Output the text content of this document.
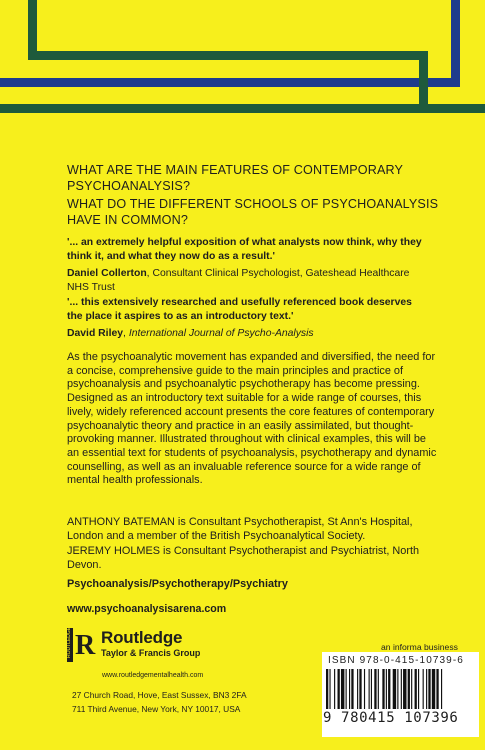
WHAT ARE THE MAIN FEATURES OF CONTEMPORARY PSYCHOANALYSIS?
WHAT DO THE DIFFERENT SCHOOLS OF PSYCHOANALYSIS HAVE IN COMMON?
'... an extremely helpful exposition of what analysts now think, why they think it, and what they now do as a result.'
Daniel Collerton, Consultant Clinical Psychologist, Gateshead Healthcare NHS Trust
'... this extensively researched and usefully referenced book deserves the place it aspires to as an introductory text.'
David Riley, International Journal of Psycho-Analysis
As the psychoanalytic movement has expanded and diversified, the need for a concise, comprehensive guide to the main principles and practice of psychoanalysis and psychoanalytic psychotherapy has become pressing. Designed as an introductory text suitable for a wide range of courses, this lively, widely referenced account presents the core features of contemporary psychoanalytic theory and practice in an easily assimilated, but thought-provoking manner. Illustrated throughout with clinical examples, this will be an essential text for students of psychoanalysis, psychotherapy and dynamic counselling, as well as an invaluable reference source for a wide range of mental health professionals.
ANTHONY BATEMAN is Consultant Psychotherapist, St Ann's Hospital, London and a member of the British Psychoanalytical Society.
JEREMY HOLMES is Consultant Psychotherapist and Psychiatrist, North Devon.
Psychoanalysis/Psychotherapy/Psychiatry
www.psychoanalysisarena.com
ROUTLEDGE R Routledge
Taylor & Francis Group
www.routledgementalhealth.com
27 Church Road, Hove, East Sussex, BN3 2FA
711 Third Avenue, New York, NY 10017, USA
an informa business
ISBN 978-0-415-10739-6
9 780415 107396
